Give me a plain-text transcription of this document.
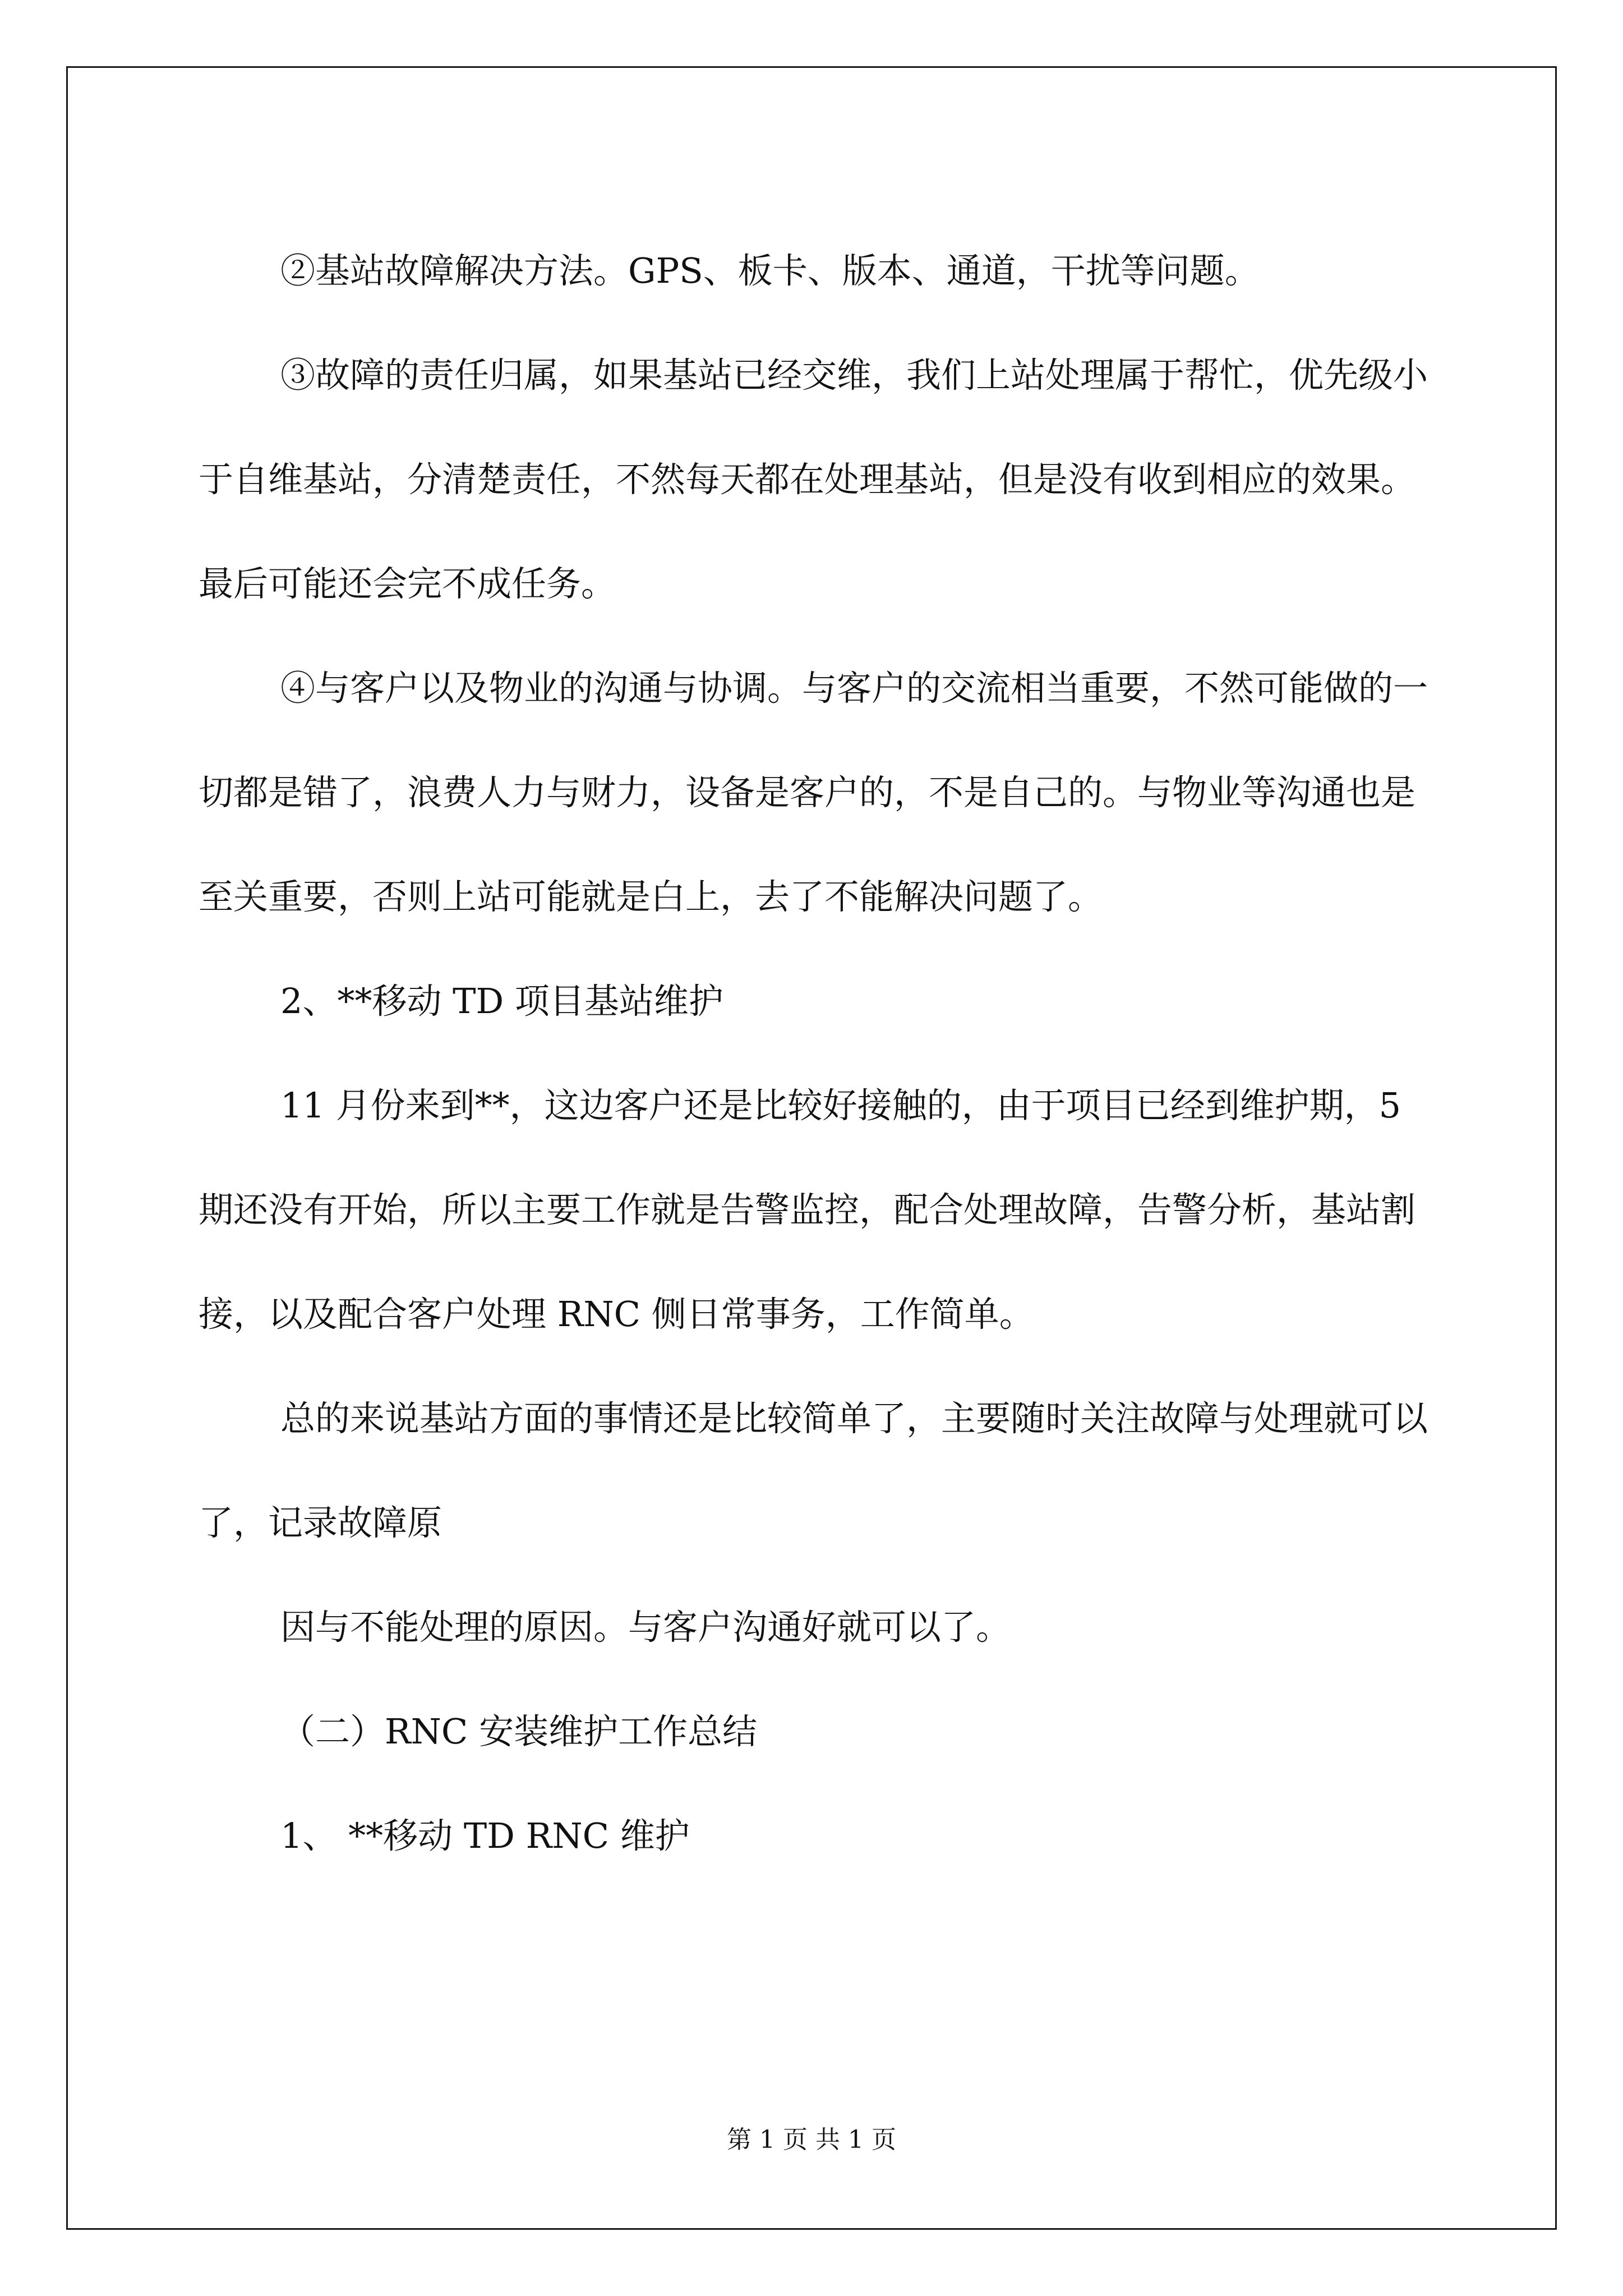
②基站故障解决方法。GPS、板卡、版本、通道，干扰等问题。

③故障的责任归属，如果基站已经交维，我们上站处理属于帮忙，优先级小于自维基站，分清楚责任，不然每天都在处理基站，但是没有收到相应的效果。最后可能还会完不成任务。

④与客户以及物业的沟通与协调。与客户的交流相当重要，不然可能做的一切都是错了，浪费人力与财力，设备是客户的，不是自己的。与物业等沟通也是至关重要，否则上站可能就是白上，去了不能解决问题了。

2、**移动 TD 项目基站维护

11 月份来到**，这边客户还是比较好接触的，由于项目已经到维护期，5 期还没有开始，所以主要工作就是告警监控，配合处理故障，告警分析，基站割接，以及配合客户处理 RNC 侧日常事务，工作简单。

总的来说基站方面的事情还是比较简单了，主要随时关注故障与处理就可以了，记录故障原

因与不能处理的原因。与客户沟通好就可以了。

（二）RNC 安装维护工作总结

1、 **移动 TD RNC 维护

第 1 页 共 1 页
